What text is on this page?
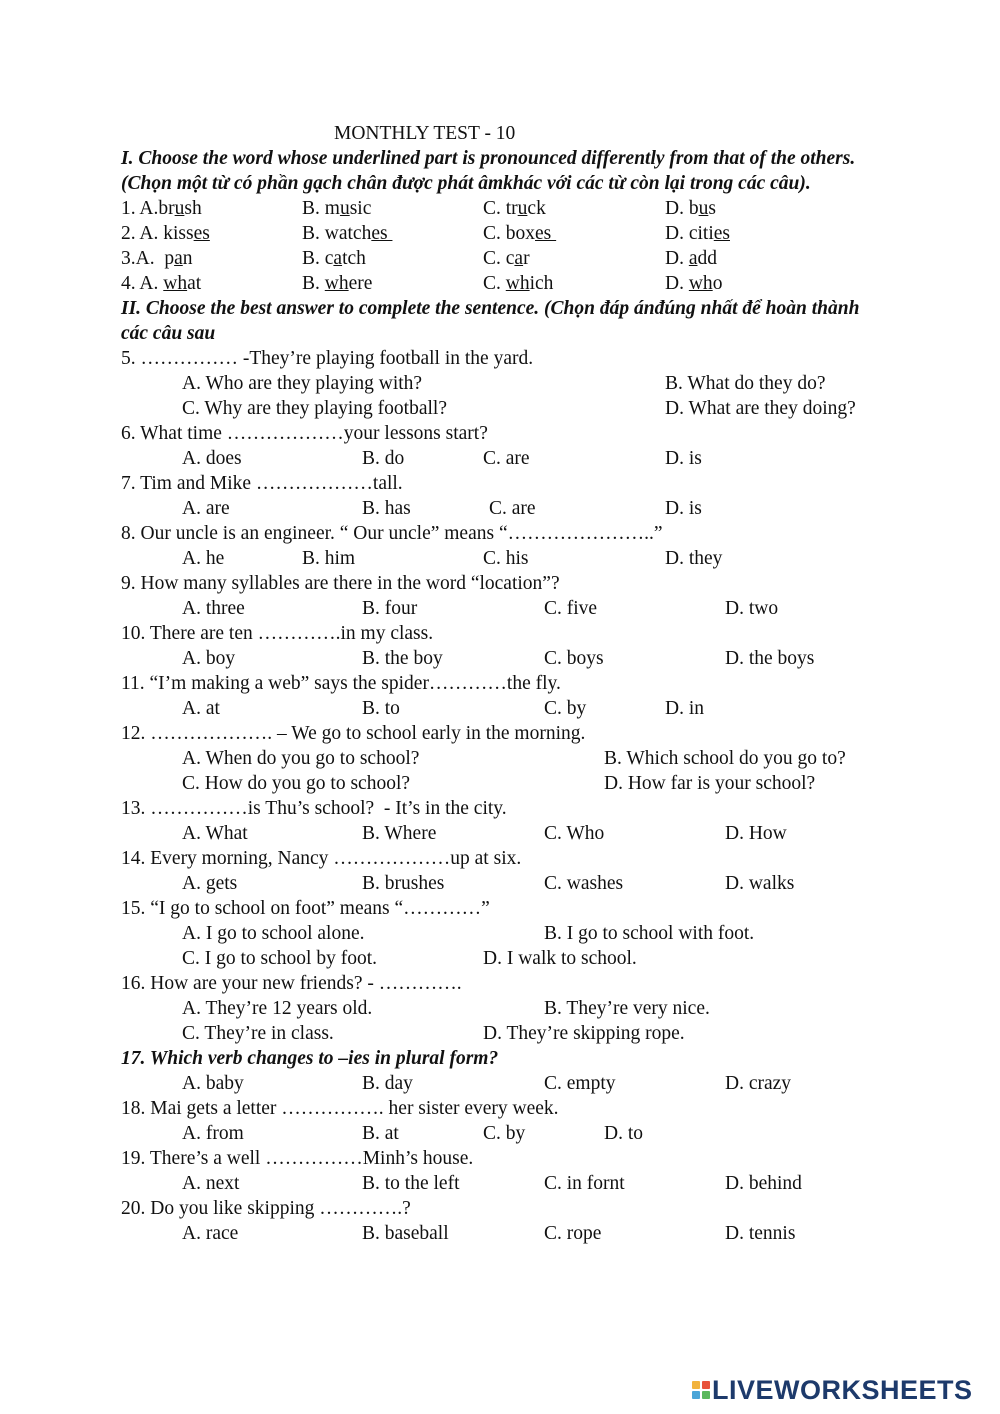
MONTHLY TEST - 10
I. Choose the word whose underlined part is pronounced differently from that of the others.
(Chọn một từ có phần gạch chân được phát âmkhác với các từ còn lại trong các câu).
1. A.brush	B. music	C. truck	D. bus
2. A. kisses	B. watches	C. boxes	D. cities
3.A.  pan	B. catch	C. car	D. add
4. A. what	B. where	C. which	D. who
II. Choose the best answer to complete the sentence. (Chọn đáp ánđúng nhất để hoàn thành
các câu sau
5. …………… -They’re playing football in the yard.
A. Who are they playing with?	B. What do they do?
C. Why are they playing football?	D. What are they doing?
6. What time ………………your lessons start?
A. does	B. do	C. are	D. is
7. Tim and Mike ………………tall.
A. are	B. has	C. are	D. is
8. Our uncle is an engineer. “ Our uncle” means “…………………..”
A. he	B. him	C. his	D. they
9. How many syllables are there in the word “location”?
A. three	B. four	C. five	D. two
10. There are ten ………….in my class.
A. boy	B. the boy	C. boys	D. the boys
11. “I’m making a web” says the spider…………the fly.
A. at	B. to	C. by	D. in
12. ………………. – We go to school early in the morning.
A. When do you go to school?	B. Which school do you go to?
C. How do you go to school?	D. How far is your school?
13. ……………is Thu’s school?  - It’s in the city.
A. What	B. Where	C. Who	D. How
14. Every morning, Nancy ………………up at six.
A. gets	B. brushes	C. washes	D. walks
15. “I go to school on foot” means “…………”
A. I go to school alone.	B. I go to school with foot.
C. I go to school by foot.	D. I walk to school.
16. How are your new friends? - ………….
A. They’re 12 years old.	B. They’re very nice.
C. They’re in class.	D. They’re skipping rope.
17. Which verb changes to –ies in plural form?
A. baby	B. day	C. empty	D. crazy
18. Mai gets a letter ……………. her sister every week.
A. from	B. at	C. by	D. to
19. There’s a well ……………Minh’s house.
A. next	B. to the left	C. in fornt	D. behind
20. Do you like skipping ………….?
A. race	B. baseball	C. rope	D. tennis
LIVEWORKSHEETS
